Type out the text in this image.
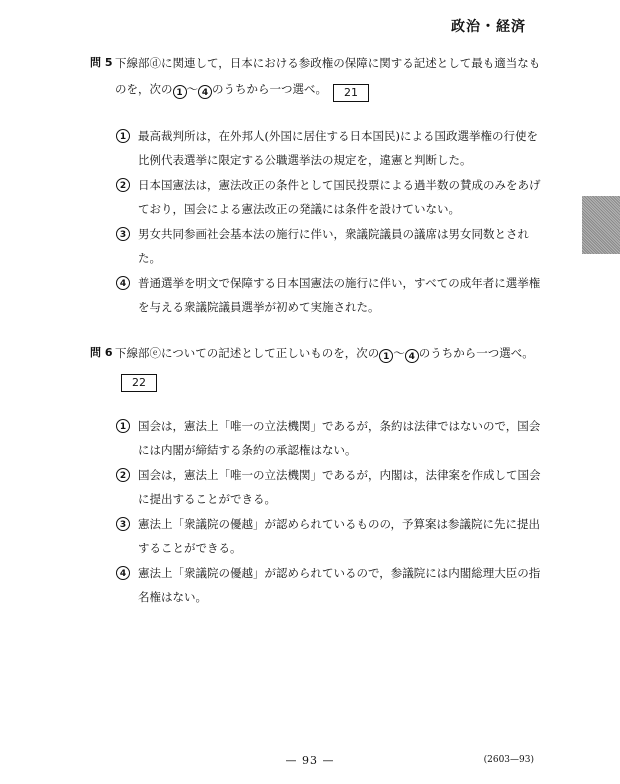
政治・経済
問 5 下線部ⓓに関連して，日本における参政権の保障に関する記述として最も適当なものを，次の 1 〜 4 のうちから一つ選べ。 21
1	最高裁判所は，在外邦人(外国に居住する日本国民)による国政選挙権の行使を比例代表選挙に限定する公職選挙法の規定を，違憲と判断した。
2	日本国憲法は，憲法改正の条件として国民投票による過半数の賛成のみをあげており，国会による憲法改正の発議には条件を設けていない。
3	男女共同参画社会基本法の施行に伴い，衆議院議員の議席は男女同数とされた。
4	普通選挙を明文で保障する日本国憲法の施行に伴い，すべての成年者に選挙権を与える衆議院議員選挙が初めて実施された。
問 6 下線部ⓔについての記述として正しいものを，次の 1 〜 4 のうちから一つ選べ。22
1	国会は，憲法上「唯一の立法機関」であるが，条約は法律ではないので，国会には内閣が締結する条約の承認権はない。
2	国会は，憲法上「唯一の立法機関」であるが，内閣は，法律案を作成して国会に提出することができる。
3	憲法上「衆議院の優越」が認められているものの，予算案は参議院に先に提出することができる。
4	憲法上「衆議院の優越」が認められているので，参議院には内閣総理大臣の指名権はない。
— 93 —	(2603—93)
